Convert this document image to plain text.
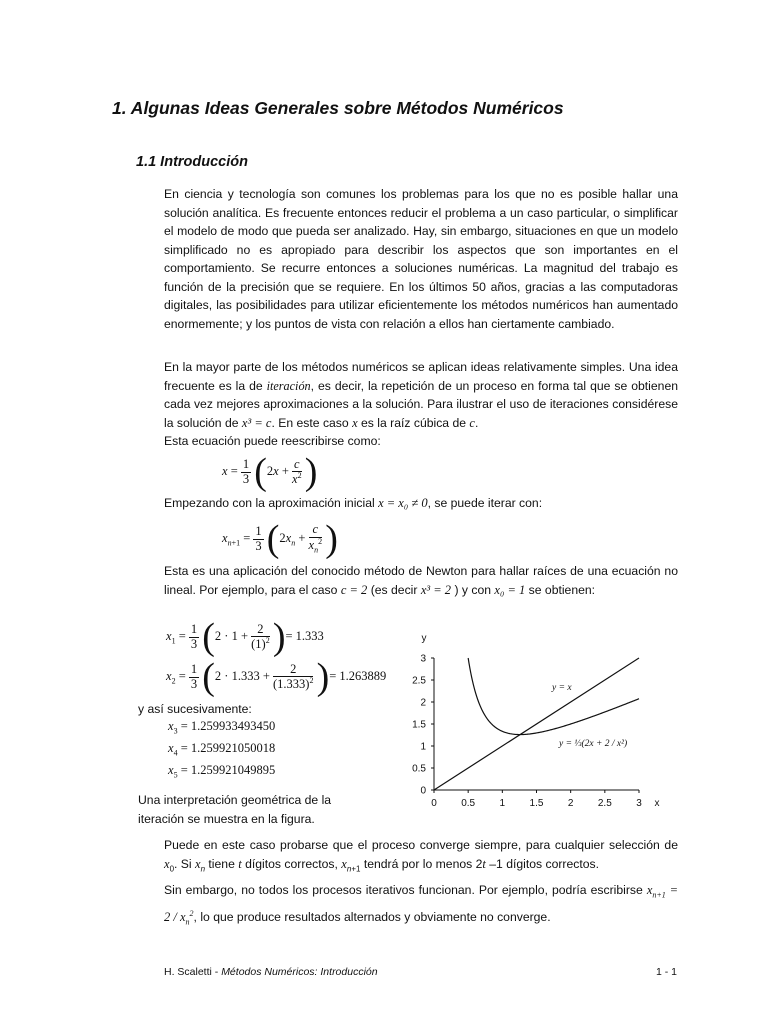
1. Algunas Ideas Generales sobre Métodos Numéricos
1.1 Introducción

En ciencia y tecnología son comunes los problemas para los que no es posible hallar una solución analítica. Es frecuente entonces reducir el problema a un caso particular, o simplificar el modelo de modo que pueda ser analizado. Hay, sin embargo, situaciones en que un modelo simplificado no es apropiado para describir los aspectos que son importantes en el comportamiento. Se recurre entonces a soluciones numéricas. La magnitud del trabajo es función de la precisión que se requiere. En los últimos 50 años, gracias a las computadoras digitales, las posibilidades para utilizar eficientemente los métodos numéricos han aumentado enormemente; y los puntos de vista con relación a ellos han ciertamente cambiado.

En la mayor parte de los métodos numéricos se aplican ideas relativamente simples. Una idea frecuente es la de iteración, es decir, la repetición de un proceso en forma tal que se obtienen cada vez mejores aproximaciones a la solución. Para ilustrar el uso de iteraciones considérese la solución de x³ = c. En este caso x es la raíz cúbica de c.
Esta ecuación puede reescribirse como:

$x = \frac{1}{3} (2x + \frac{c}{x^2}$ )

Empezando con la aproximación inicial x = x₀ ≠ 0, se puede iterar con:

$x_{n+1} = \frac{1}{3} (2x_n + \frac{c}{x_n^2}$ )

Esta es una aplicación del conocido método de Newton para hallar raíces de una ecuación no lineal. Por ejemplo, para el caso c = 2 (es decir x³ = 2 ) y con x₀ = 1 se obtienen:

$x_1 = \frac{1}{3} (2 \cdot 1 + \frac{2}{(1)^2}$ )= 1.333
$x_2 = \frac{1}{3} (2 \cdot 1.333 + \frac{2}{(1.333)^2}$ )= 1.263889
y así sucesivamente:
$x_3 = 1.259933493450$
$x_4 = 1.259921050018$
$x_5 = 1.259921049895$

Una interpretación geométrica de la iteración se muestra en la figura.

0 0.5 1 1.5 2 2.5 3
0
0.5
1
1.5
2
2.5
3
x
y
y = x
y = ⅓(2x + 2 / x²)

Puede en este caso probarse que el proceso converge siempre, para cualquier selección de $x_0$. Si $x_n$ tiene t dígitos correctos, $x_{n+1}$ tendrá por lo menos 2t –1 dígitos correctos.

Sin embargo, no todos los procesos iterativos funcionan. Por ejemplo, podría escribirse $x_{n+1} = 2 / x_n^2$, lo que produce resultados alternados y obviamente no converge.

H. Scaletti - Métodos Numéricos: Introducción	1 - 1
